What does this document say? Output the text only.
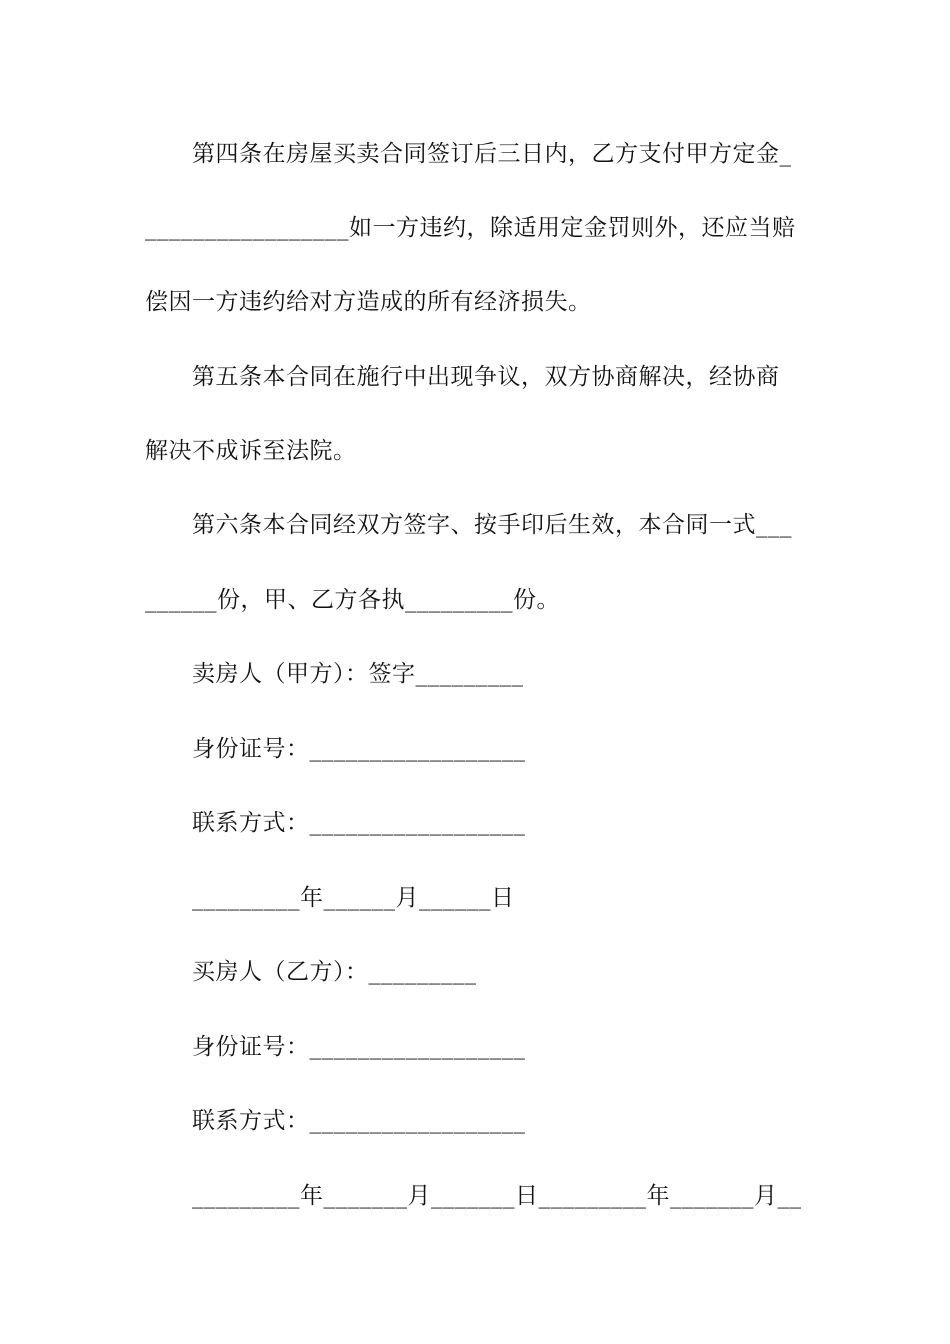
第四条在房屋买卖合同签订后三日内，乙方支付甲方定金_
_________________如一方违约，除适用定金罚则外，还应当赔
偿因一方违约给对方造成的所有经济损失。
第五条本合同在施行中出现争议，双方协商解决，经协商
解决不成诉至法院。
第六条本合同经双方签字、按手印后生效，本合同一式___
______份，甲、乙方各执_________份。
卖房人（甲方）：签字_________
身份证号：__________________
联系方式：__________________
_________年______月______日
买房人（乙方）：_________
身份证号：__________________
联系方式：__________________
_________年_______月_______日_________年_______月__
